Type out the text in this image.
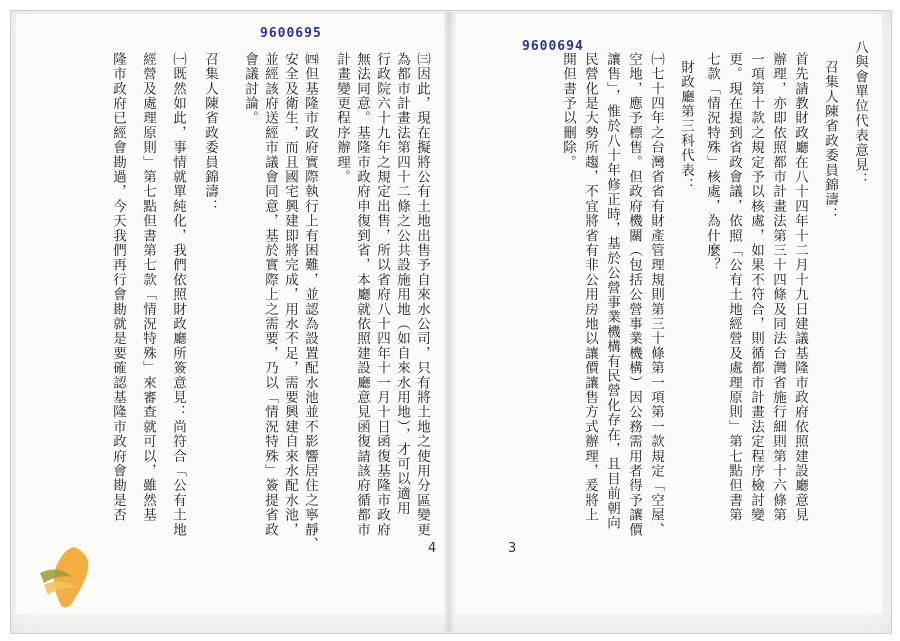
9600695
㈢因此，現在擬將公有土地出售予自來水公司，只有將土地之使用分區變更
為都市計畫法第四十二條之公共設施用地（如自來水用地），才可以適用
行政院六十九年之規定出售，所以省府八十四年十一月十日函復基隆市政府
無法同意。基隆市政府申復到省，本廳就依照建設廳意見函復請該府循都市
計畫變更程序辦理。
㈣但基隆市政府實際執行上有困難，並認為設置配水池並不影響居住之寧靜、
安全及衛生，而且國宅興建即將完成，用水不足，需要興建自來水配水池，
並經該府送經市議會同意，基於實際上之需要，乃以「情況特殊」簽提省政
會議討論。
召集人陳省政委員錦濤：
㈠既然如此，事情就單純化，我們依照財政廳所簽意見：尚符合「公有土地
經營及處理原則」第七點但書第七款「情況特殊」來審查就可以，雖然基
隆市政府已經會勘過，今天我們再行會勘就是要確認基隆市政府會勘是否
4
9600694	八與會單位代表意見：
召集人陳省政委員錦濤：
首先請教財政廳在八十四年十二月十九日建議基隆市政府依照建設廳意見
辦理，亦即依照都市計畫法第三十四條及同法台灣省施行細則第十六條第
一項第十款之規定予以核處，如果不符合，則循都市計畫法定程序檢討變
更。現在提到省政會議，依照「公有土地經營及處理原則」第七點但書第
七款「情況特殊」核處，為什麼？
財政廳第三科代表：
㈠七十四年之台灣省省有財產管理規則第三十條第一項第一款規定「空屋、
空地，應予標售。但政府機關（包括公營事業機構）因公務需用者得予讓價
讓售」，惟於八十年修正時，基於公營事業機構有民營化存在，且目前朝向
民營化是大勢所趨，不宜將省有非公用房地以讓價讓售方式辦理，爰將上
開但書予以刪除。
3
